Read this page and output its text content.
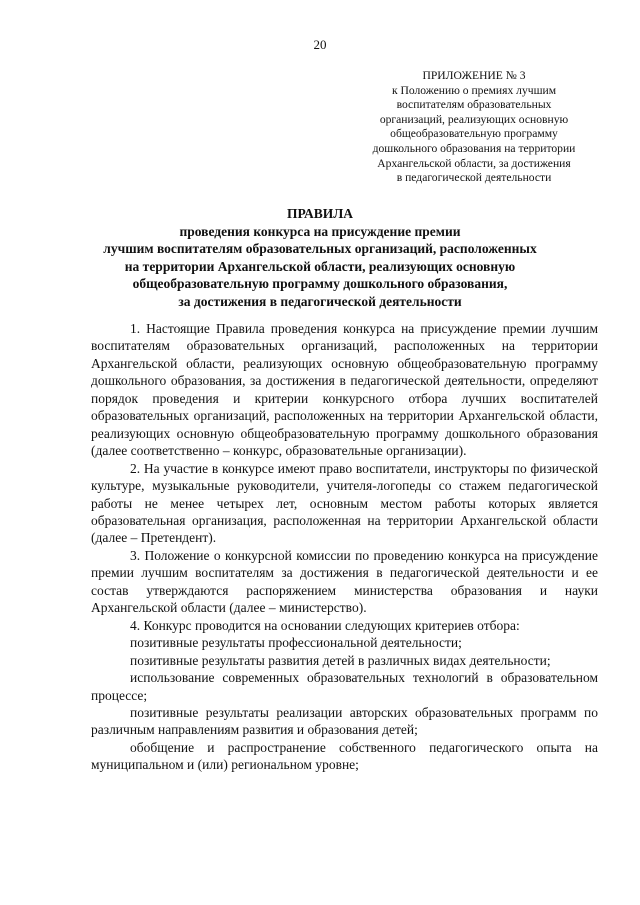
20
ПРИЛОЖЕНИЕ № 3
к Положению о премиях лучшим
воспитателям образовательных
организаций, реализующих основную
общеобразовательную программу
дошкольного образования на территории
Архангельской области, за достижения
в педагогической деятельности
ПРАВИЛА
проведения конкурса на присуждение премии
лучшим воспитателям образовательных организаций, расположенных
на территории Архангельской области, реализующих основную
общеобразовательную программу дошкольного образования,
за достижения в педагогической деятельности

1. Настоящие Правила проведения конкурса на присуждение премии лучшим воспитателям образовательных организаций, расположенных на территории Архангельской области, реализующих основную общеобразовательную программу дошкольного образования, за достижения в педагогической деятельности, определяют порядок проведения и критерии конкурсного отбора лучших воспитателей образовательных организаций, расположенных на территории Архангельской области, реализующих основную общеобразовательную программу дошкольного образования (далее соответственно – конкурс, образовательные организации).

2. На участие в конкурсе имеют право воспитатели, инструкторы по физической культуре, музыкальные руководители, учителя-логопеды со стажем педагогической работы не менее четырех лет, основным местом работы которых является образовательная организация, расположенная на территории Архангельской области (далее – Претендент).

3. Положение о конкурсной комиссии по проведению конкурса на присуждение премии лучшим воспитателям за достижения в педагогической деятельности и ее состав утверждаются распоряжением министерства образования и науки Архангельской области (далее – министерство).

4. Конкурс проводится на основании следующих критериев отбора:

позитивные результаты профессиональной деятельности;

позитивные результаты развития детей в различных видах деятельности;

использование современных образовательных технологий в образовательном процессе;

позитивные результаты реализации авторских образовательных программ по различным направлениям развития и образования детей;

обобщение и распространение собственного педагогического опыта на муниципальном и (или) региональном уровне;
